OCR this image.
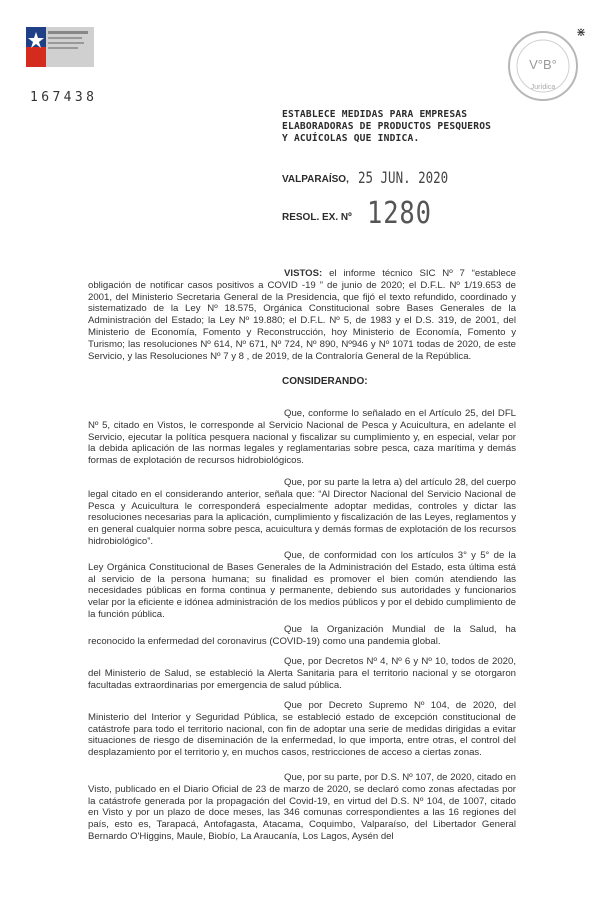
167438
V°B°
Jurídica
⋇
ESTABLECE MEDIDAS PARA EMPRESAS
ELABORADORAS DE PRODUCTOS PESQUEROS
Y ACUÍCOLAS QUE INDICA.
VALPARAÍSO, 25 JUN. 2020
RESOL. EX. Nº 1280
VISTOS: el informe técnico SIC Nº 7 “establece obligación de notificar casos positivos a COVID -19 ” de junio de 2020; el D.F.L. Nº 1/19.653 de 2001, del Ministerio Secretaria General de la Presidencia, que fijó el texto refundido, coordinado y sistematizado de la Ley Nº 18.575, Orgánica Constitucional sobre Bases Generales de la Administración del Estado; la Ley Nº 19.880; el D.F.L. Nº 5, de 1983 y el D.S. 319, de 2001, del Ministerio de Economía, Fomento y Reconstrucción, hoy Ministerio de Economía, Fomento y Turismo; las resoluciones Nº 614, Nº 671, Nº 724, Nº 890, Nº946 y Nº 1071 todas de 2020, de este Servicio, y las Resoluciones Nº 7 y 8 , de 2019, de la Contraloría General de la República.
CONSIDERANDO:
Que, conforme lo señalado en el Artículo 25, del DFL Nº 5, citado en Vistos, le corresponde al Servicio Nacional de Pesca y Acuicultura, en adelante el Servicio, ejecutar la política pesquera nacional y fiscalizar su cumplimiento y, en especial, velar por la debida aplicación de las normas legales y reglamentarias sobre pesca, caza marítima y demás formas de explotación de recursos hidrobiológicos.
Que, por su parte la letra a) del artículo 28, del cuerpo legal citado en el considerando anterior, señala que: “Al Director Nacional del Servicio Nacional de Pesca y Acuicultura le corresponderá especialmente adoptar medidas, controles y dictar las resoluciones necesarias para la aplicación, cumplimiento y fiscalización de las Leyes, reglamentos y en general cualquier norma sobre pesca, acuicultura y demás formas de explotación de los recursos hidrobiológico”.
Que, de conformidad con los artículos 3° y 5° de la Ley Orgánica Constitucional de Bases Generales de la Administración del Estado, esta última está al servicio de la persona humana; su finalidad es promover el bien común atendiendo las necesidades públicas en forma continua y permanente, debiendo sus autoridades y funcionarios velar por la eficiente e idónea administración de los medios públicos y por el debido cumplimiento de la función pública.
Que la Organización Mundial de la Salud, ha reconocido la enfermedad del coronavirus (COVID-19) como una pandemia global.
Que, por Decretos Nº 4, Nº 6 y Nº 10, todos de 2020, del Ministerio de Salud, se estableció la Alerta Sanitaria para el territorio nacional y se otorgaron facultadas extraordinarias por emergencia de salud pública.
Que por Decreto Supremo Nº 104, de 2020, del Ministerio del Interior y Seguridad Pública, se estableció estado de excepción constitucional de catástrofe para todo el territorio nacional, con fin de adoptar una serie de medidas dirigidas a evitar situaciones de riesgo de diseminación de la enfermedad, lo que importa, entre otras, el control del desplazamiento por el territorio y, en muchos casos, restricciones de acceso a ciertas zonas.
Que, por su parte, por D.S. Nº 107, de 2020, citado en Visto, publicado en el Diario Oficial de 23 de marzo de 2020, se declaró como zonas afectadas por la catástrofe generada por la propagación del Covid-19, en virtud del D.S. Nº 104, de 1007, citado en Visto y por un plazo de doce meses, las 346 comunas correspondientes a las 16 regiones del país, esto es, Tarapacá, Antofagasta, Atacama, Coquimbo, Valparaíso, del Libertador General Bernardo O'Higgins, Maule, Biobío, La Araucanía, Los Lagos, Aysén del
